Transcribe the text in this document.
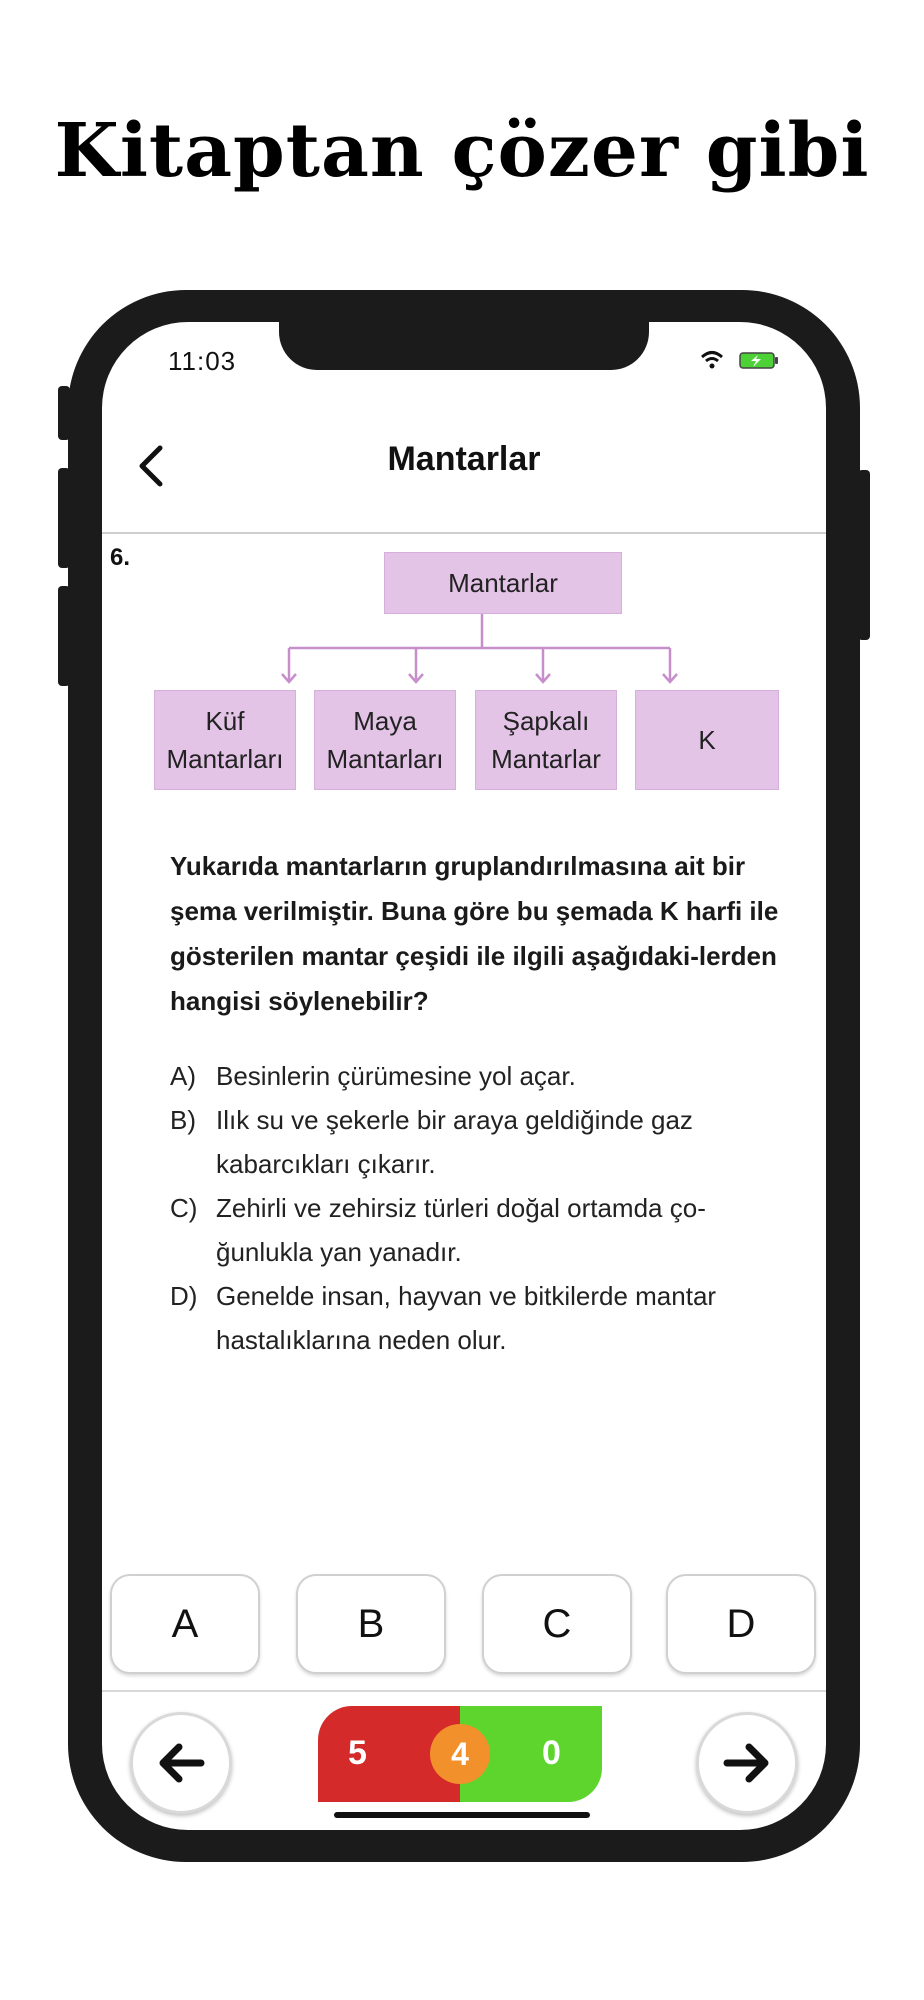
Kitaptan çözer gibi
11:03
Mantarlar
6.
Mantarlar
Küf
Mantarları
Maya
Mantarları
Şapkalı
Mantarlar
K
Yukarıda mantarların gruplandırılmasına ait bir şema verilmiştir. Buna göre bu şemada K harfi ile gösterilen mantar çeşidi ile ilgili aşağıdaki-lerden hangisi söylenebilir?
A) Besinlerin çürümesine yol açar.
B) Ilık su ve şekerle bir araya geldiğinde gaz kabarcıkları çıkarır.
C) Zehirli ve zehirsiz türleri doğal ortamda ço-ğunlukla yan yanadır.
D) Genelde insan, hayvan ve bitkilerde mantar hastalıklarına neden olur.
A	B	C	D
5	4	0
